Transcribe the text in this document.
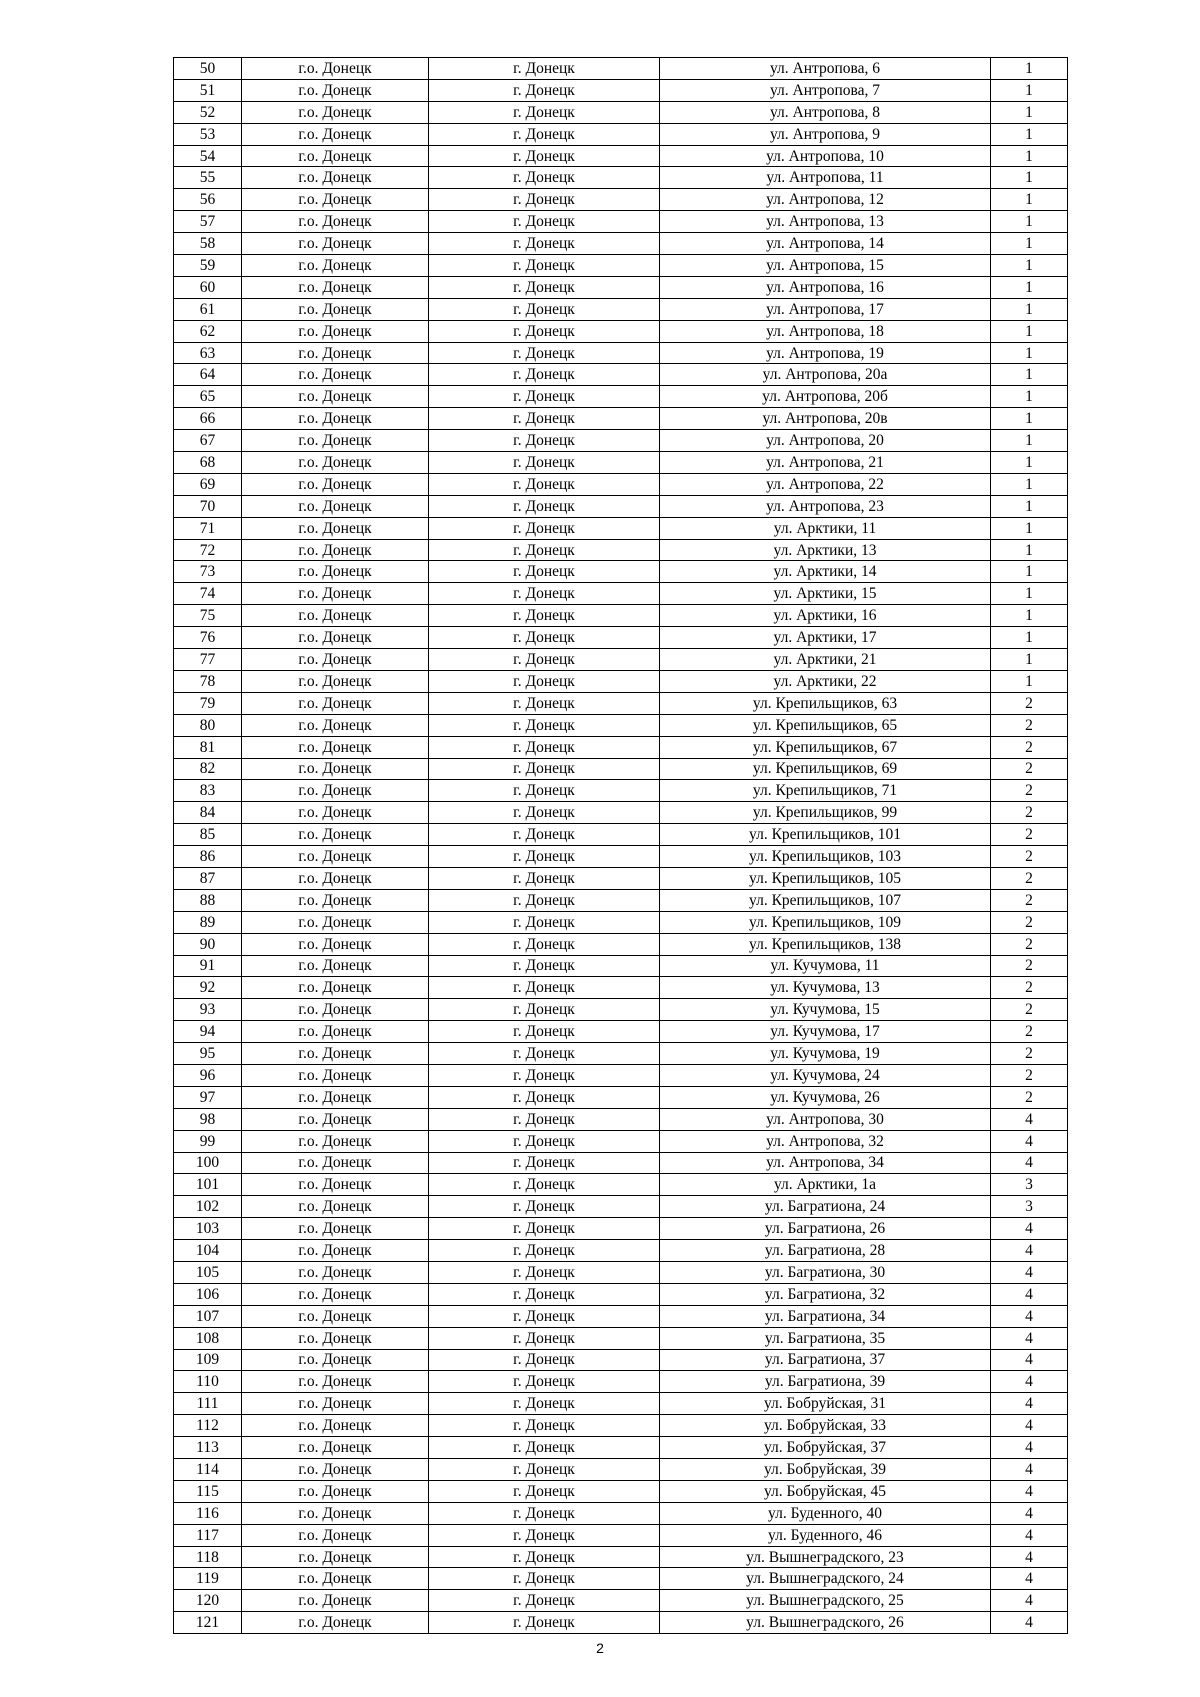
50	г.о. Донецк	г. Донецк	ул. Антропова, 6	1
51	г.о. Донецк	г. Донецк	ул. Антропова, 7	1
52	г.о. Донецк	г. Донецк	ул. Антропова, 8	1
53	г.о. Донецк	г. Донецк	ул. Антропова, 9	1
54	г.о. Донецк	г. Донецк	ул. Антропова, 10	1
55	г.о. Донецк	г. Донецк	ул. Антропова, 11	1
56	г.о. Донецк	г. Донецк	ул. Антропова, 12	1
57	г.о. Донецк	г. Донецк	ул. Антропова, 13	1
58	г.о. Донецк	г. Донецк	ул. Антропова, 14	1
59	г.о. Донецк	г. Донецк	ул. Антропова, 15	1
60	г.о. Донецк	г. Донецк	ул. Антропова, 16	1
61	г.о. Донецк	г. Донецк	ул. Антропова, 17	1
62	г.о. Донецк	г. Донецк	ул. Антропова, 18	1
63	г.о. Донецк	г. Донецк	ул. Антропова, 19	1
64	г.о. Донецк	г. Донецк	ул. Антропова, 20а	1
65	г.о. Донецк	г. Донецк	ул. Антропова, 20б	1
66	г.о. Донецк	г. Донецк	ул. Антропова, 20в	1
67	г.о. Донецк	г. Донецк	ул. Антропова, 20	1
68	г.о. Донецк	г. Донецк	ул. Антропова, 21	1
69	г.о. Донецк	г. Донецк	ул. Антропова, 22	1
70	г.о. Донецк	г. Донецк	ул. Антропова, 23	1
71	г.о. Донецк	г. Донецк	ул. Арктики, 11	1
72	г.о. Донецк	г. Донецк	ул. Арктики, 13	1
73	г.о. Донецк	г. Донецк	ул. Арктики, 14	1
74	г.о. Донецк	г. Донецк	ул. Арктики, 15	1
75	г.о. Донецк	г. Донецк	ул. Арктики, 16	1
76	г.о. Донецк	г. Донецк	ул. Арктики, 17	1
77	г.о. Донецк	г. Донецк	ул. Арктики, 21	1
78	г.о. Донецк	г. Донецк	ул. Арктики, 22	1
79	г.о. Донецк	г. Донецк	ул. Крепильщиков, 63	2
80	г.о. Донецк	г. Донецк	ул. Крепильщиков, 65	2
81	г.о. Донецк	г. Донецк	ул. Крепильщиков, 67	2
82	г.о. Донецк	г. Донецк	ул. Крепильщиков, 69	2
83	г.о. Донецк	г. Донецк	ул. Крепильщиков, 71	2
84	г.о. Донецк	г. Донецк	ул. Крепильщиков, 99	2
85	г.о. Донецк	г. Донецк	ул. Крепильщиков, 101	2
86	г.о. Донецк	г. Донецк	ул. Крепильщиков, 103	2
87	г.о. Донецк	г. Донецк	ул. Крепильщиков, 105	2
88	г.о. Донецк	г. Донецк	ул. Крепильщиков, 107	2
89	г.о. Донецк	г. Донецк	ул. Крепильщиков, 109	2
90	г.о. Донецк	г. Донецк	ул. Крепильщиков, 138	2
91	г.о. Донецк	г. Донецк	ул. Кучумова, 11	2
92	г.о. Донецк	г. Донецк	ул. Кучумова, 13	2
93	г.о. Донецк	г. Донецк	ул. Кучумова, 15	2
94	г.о. Донецк	г. Донецк	ул. Кучумова, 17	2
95	г.о. Донецк	г. Донецк	ул. Кучумова, 19	2
96	г.о. Донецк	г. Донецк	ул. Кучумова, 24	2
97	г.о. Донецк	г. Донецк	ул. Кучумова, 26	2
98	г.о. Донецк	г. Донецк	ул. Антропова, 30	4
99	г.о. Донецк	г. Донецк	ул. Антропова, 32	4
100	г.о. Донецк	г. Донецк	ул. Антропова, 34	4
101	г.о. Донецк	г. Донецк	ул. Арктики, 1а	3
102	г.о. Донецк	г. Донецк	ул. Багратиона, 24	3
103	г.о. Донецк	г. Донецк	ул. Багратиона, 26	4
104	г.о. Донецк	г. Донецк	ул. Багратиона, 28	4
105	г.о. Донецк	г. Донецк	ул. Багратиона, 30	4
106	г.о. Донецк	г. Донецк	ул. Багратиона, 32	4
107	г.о. Донецк	г. Донецк	ул. Багратиона, 34	4
108	г.о. Донецк	г. Донецк	ул. Багратиона, 35	4
109	г.о. Донецк	г. Донецк	ул. Багратиона, 37	4
110	г.о. Донецк	г. Донецк	ул. Багратиона, 39	4
111	г.о. Донецк	г. Донецк	ул. Бобруйская, 31	4
112	г.о. Донецк	г. Донецк	ул. Бобруйская, 33	4
113	г.о. Донецк	г. Донецк	ул. Бобруйская, 37	4
114	г.о. Донецк	г. Донецк	ул. Бобруйская, 39	4
115	г.о. Донецк	г. Донецк	ул. Бобруйская, 45	4
116	г.о. Донецк	г. Донецк	ул. Буденного, 40	4
117	г.о. Донецк	г. Донецк	ул. Буденного, 46	4
118	г.о. Донецк	г. Донецк	ул. Вышнеградского, 23	4
119	г.о. Донецк	г. Донецк	ул. Вышнеградского, 24	4
120	г.о. Донецк	г. Донецк	ул. Вышнеградского, 25	4
121	г.о. Донецк	г. Донецк	ул. Вышнеградского, 26	4
2
